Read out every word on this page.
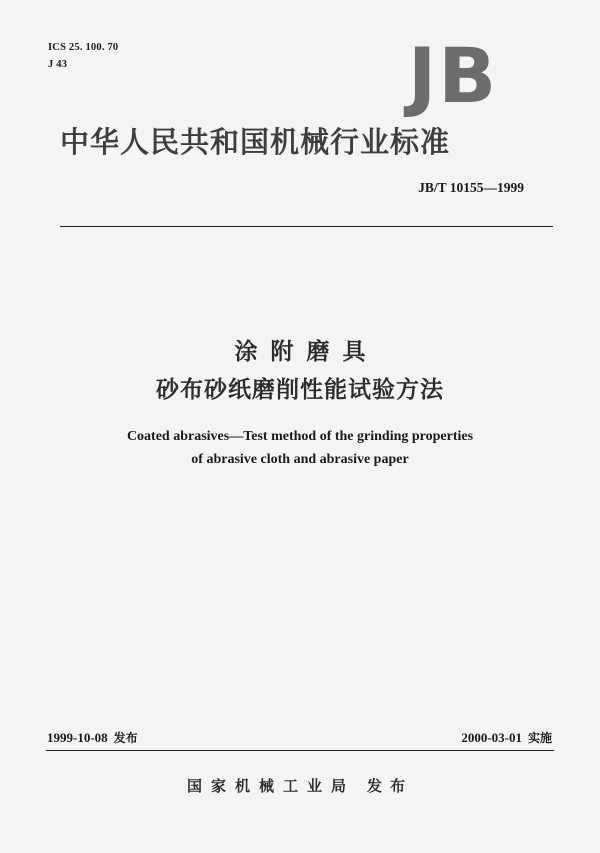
ICS 25. 100. 70
J 43	JB
中华人民共和国机械行业标准
JB/T 10155—1999
涂附磨具
砂布砂纸磨削性能试验方法
Coated abrasives—Test method of the grinding properties
of abrasive cloth and abrasive paper
1999-10-08 发布	2000-03-01 实施
国家机械工业局 发布
